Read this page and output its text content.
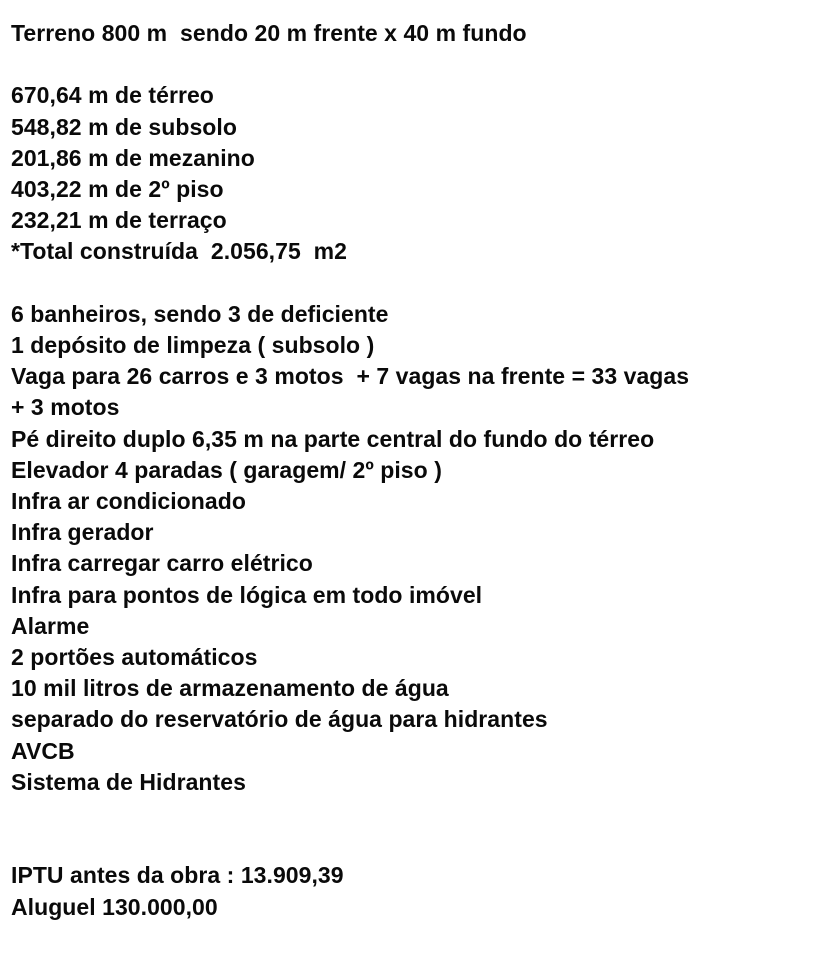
Terreno 800 m  sendo 20 m frente x 40 m fundo
670,64 m de térreo
548,82 m de subsolo
201,86 m de mezanino
403,22 m de 2º piso
232,21 m de terraço
*Total construída  2.056,75  m2
6 banheiros, sendo 3 de deficiente
1 depósito de limpeza ( subsolo )
Vaga para 26 carros e 3 motos  + 7 vagas na frente = 33 vagas
+ 3 motos
Pé direito duplo 6,35 m na parte central do fundo do térreo
Elevador 4 paradas ( garagem/ 2º piso )
Infra ar condicionado
Infra gerador
Infra carregar carro elétrico
Infra para pontos de lógica em todo imóvel
Alarme
2 portões automáticos
10 mil litros de armazenamento de água
separado do reservatório de água para hidrantes
AVCB
Sistema de Hidrantes
IPTU antes da obra : 13.909,39
Aluguel 130.000,00
